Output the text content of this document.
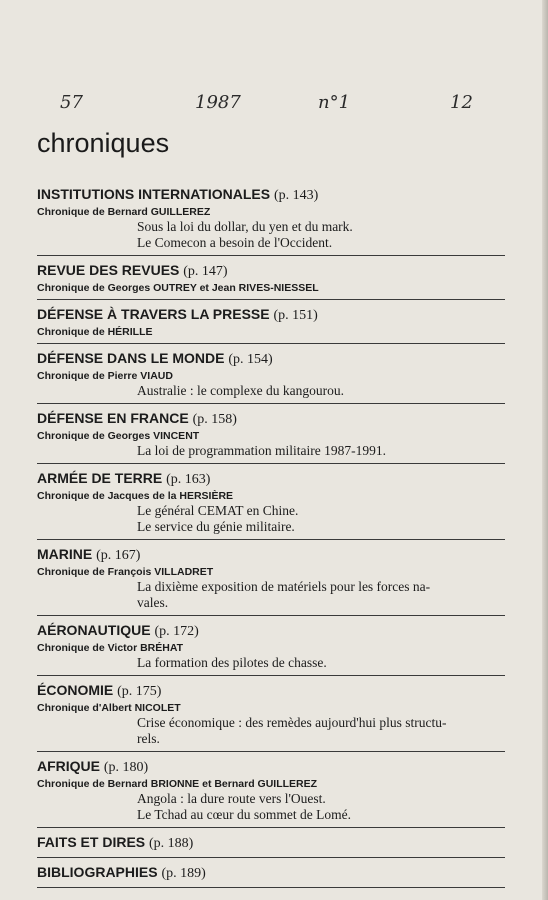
57	1987	n°1	12
chroniques
INSTITUTIONS INTERNATIONALES (p. 143)
Chronique de Bernard GUILLEREZ
Sous la loi du dollar, du yen et du mark.
Le Comecon a besoin de l'Occident.
REVUE DES REVUES (p. 147)
Chronique de Georges OUTREY et Jean RIVES-NIESSEL
DÉFENSE À TRAVERS LA PRESSE (p. 151)
Chronique de HÉRILLE
DÉFENSE DANS LE MONDE (p. 154)
Chronique de Pierre VIAUD
Australie : le complexe du kangourou.
DÉFENSE EN FRANCE (p. 158)
Chronique de Georges VINCENT
La loi de programmation militaire 1987-1991.
ARMÉE DE TERRE (p. 163)
Chronique de Jacques de la HERSIÈRE
Le général CEMAT en Chine.
Le service du génie militaire.
MARINE (p. 167)
Chronique de François VILLADRET
La dixième exposition de matériels pour les forces na-
vales.
AÉRONAUTIQUE (p. 172)
Chronique de Victor BRÉHAT
La formation des pilotes de chasse.
ÉCONOMIE (p. 175)
Chronique d'Albert NICOLET
Crise économique : des remèdes aujourd'hui plus structu-
rels.
AFRIQUE (p. 180)
Chronique de Bernard BRIONNE et Bernard GUILLEREZ
Angola : la dure route vers l'Ouest.
Le Tchad au cœur du sommet de Lomé.
FAITS ET DIRES (p. 188)
BIBLIOGRAPHIES (p. 189)
